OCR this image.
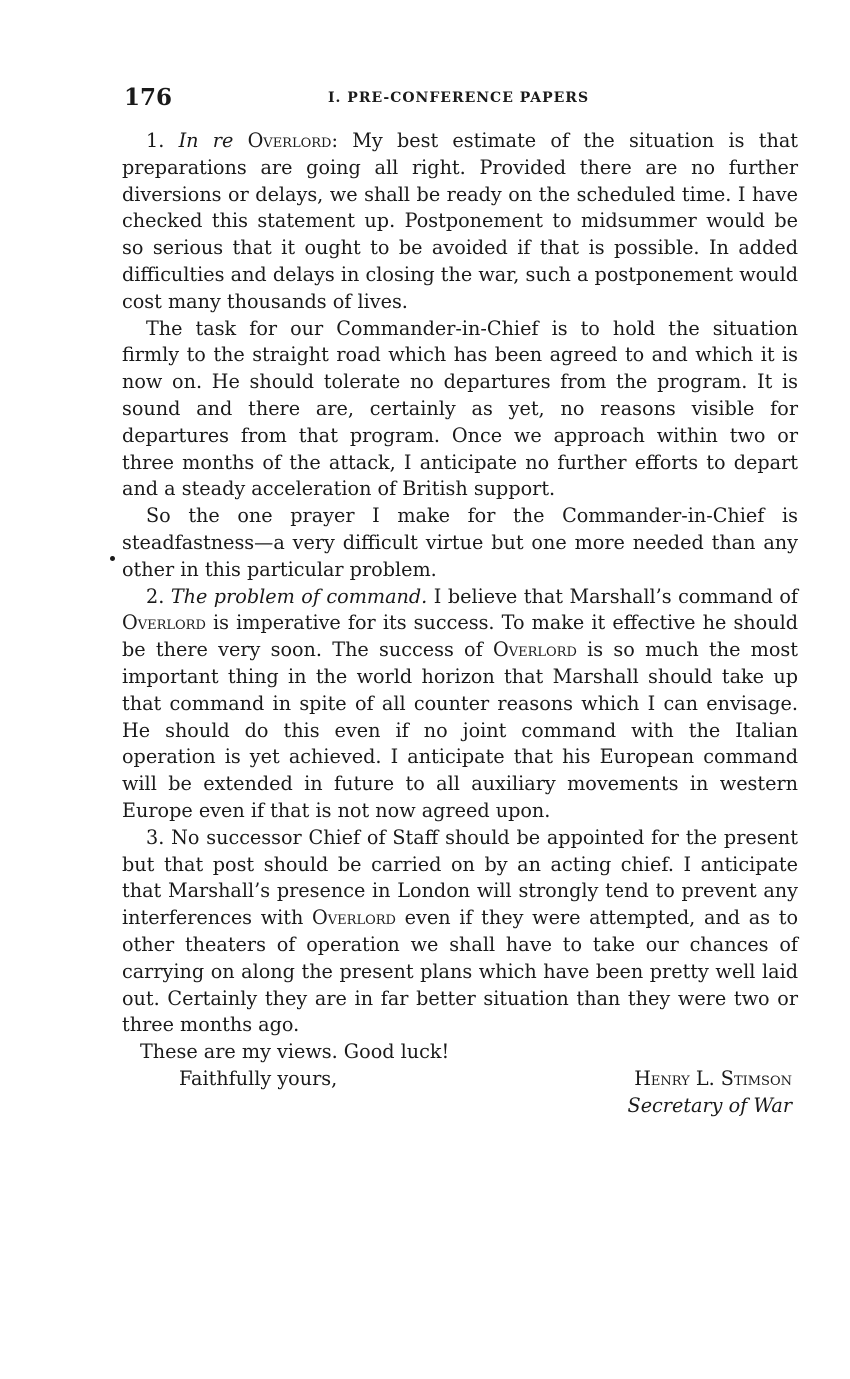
176	I. PRE-CONFERENCE PAPERS

1. In re Overlord: My best estimate of the situation is that preparations are going all right. Provided there are no further diversions or delays, we shall be ready on the scheduled time. I have checked this statement up. Postponement to midsummer would be so serious that it ought to be avoided if that is possible. In added difficulties and delays in closing the war, such a postponement would cost many thousands of lives.

The task for our Commander-in-Chief is to hold the situation firmly to the straight road which has been agreed to and which it is now on. He should tolerate no departures from the program. It is sound and there are, certainly as yet, no reasons visible for departures from that program. Once we approach within two or three months of the attack, I anticipate no further efforts to depart and a steady acceleration of British support.

So the one prayer I make for the Commander-in-Chief is steadfastness—a very difficult virtue but one more needed than any other in this particular problem.

2. The problem of command. I believe that Marshall’s command of Overlord is imperative for its success. To make it effective he should be there very soon. The success of Overlord is so much the most important thing in the world horizon that Marshall should take up that command in spite of all counter reasons which I can envisage. He should do this even if no joint command with the Italian operation is yet achieved. I anticipate that his European command will be extended in future to all auxiliary movements in western Europe even if that is not now agreed upon.

3. No successor Chief of Staff should be appointed for the present but that post should be carried on by an acting chief. I anticipate that Marshall’s presence in London will strongly tend to prevent any interferences with Overlord even if they were attempted, and as to other theaters of operation we shall have to take our chances of carrying on along the present plans which have been pretty well laid out. Certainly they are in far better situation than they were two or three months ago.

These are my views. Good luck!
Faithfully yours,	Henry L. Stimson
Secretary of War
